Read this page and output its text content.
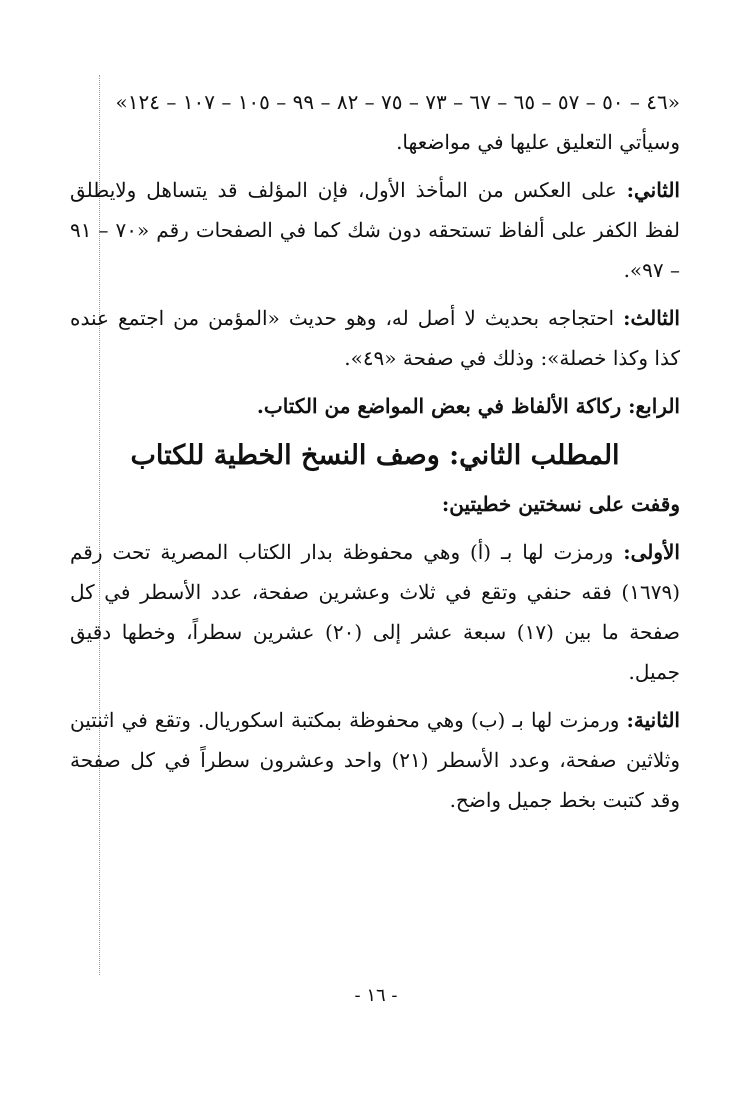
«٤٦ – ٥٠ – ٥٧ – ٦٥ – ٦٧ – ٧٣ – ٧٥ – ٨٢ – ٩٩ – ١٠٥ – ١٠٧ – ١٢٤»
وسيأتي التعليق عليها في مواضعها.

الثاني: على العكس من المأخذ الأول، فإن المؤلف قد يتساهل ولايطلق لفظ الكفر على ألفاظ تستحقه دون شك كما في الصفحات رقم «٧٠ – ٩١ – ٩٧».

الثالث: احتجاجه بحديث لا أصل له، وهو حديث «المؤمن من اجتمع عنده كذا وكذا خصلة»: وذلك في صفحة «٤٩».

الرابع: ركاكة الألفاظ في بعض المواضع من الكتاب.

المطلب الثاني: وصف النسخ الخطية للكتاب

وقفت على نسختين خطيتين:

الأولى: ورمزت لها بـ (أ) وهي محفوظة بدار الكتاب المصرية تحت رقم (١٦٧٩) فقه حنفي وتقع في ثلاث وعشرين صفحة، عدد الأسطر في كل صفحة ما بين (١٧) سبعة عشر إلى (٢٠) عشرين سطراً، وخطها دقيق جميل.

الثانية: ورمزت لها بـ (ب) وهي محفوظة بمكتبة اسكوريال. وتقع في اثنتين وثلاثين صفحة، وعدد الأسطر (٢١) واحد وعشرون سطراً في كل صفحة وقد كتبت بخط جميل واضح.

- ١٦ -
